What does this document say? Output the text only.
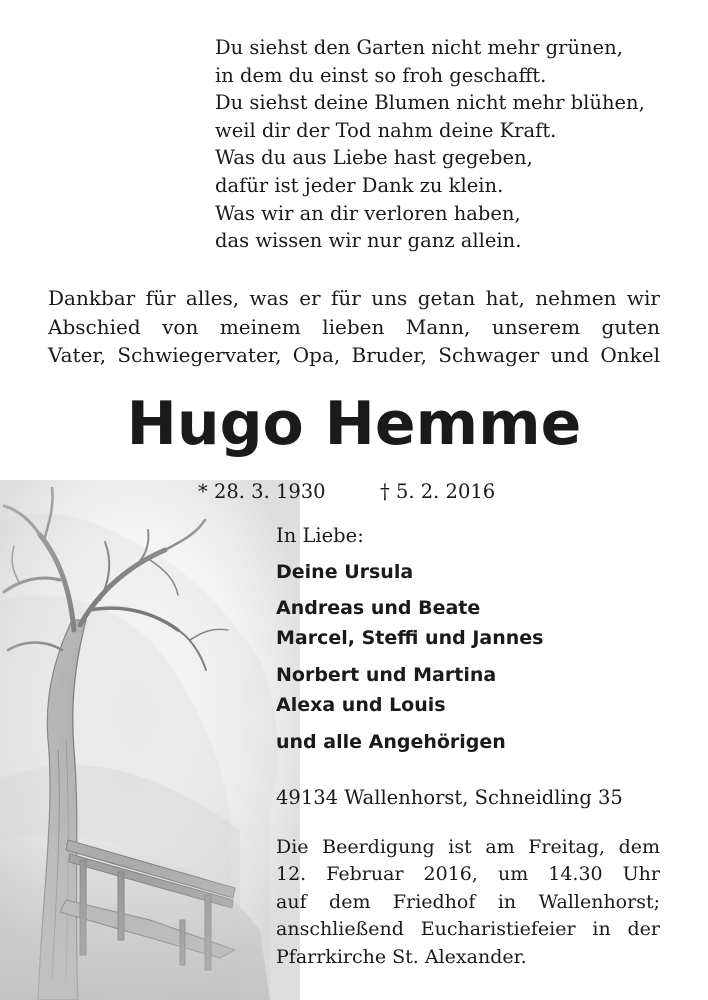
Du siehst den Garten nicht mehr grünen,
in dem du einst so froh geschafft.
Du siehst deine Blumen nicht mehr blühen,
weil dir der Tod nahm deine Kraft.
Was du aus Liebe hast gegeben,
dafür ist jeder Dank zu klein.
Was wir an dir verloren haben,
das wissen wir nur ganz allein.
Dankbar für alles, was er für uns getan hat, nehmen wir
Abschied von meinem lieben Mann, unserem guten
Vater, Schwiegervater, Opa, Bruder, Schwager und Onkel
Hugo Hemme
* 28. 3. 1930	† 5. 2. 2016
In Liebe:
Deine Ursula
Andreas und Beate
Marcel, Steffi und Jannes
Norbert und Martina
Alexa und Louis
und alle Angehörigen
49134 Wallenhorst, Schneidling 35
Die Beerdigung ist am Freitag, dem
12. Februar 2016, um 14.30 Uhr
auf dem Friedhof in Wallenhorst;
anschließend Eucharistiefeier in der
Pfarrkirche St. Alexander.
